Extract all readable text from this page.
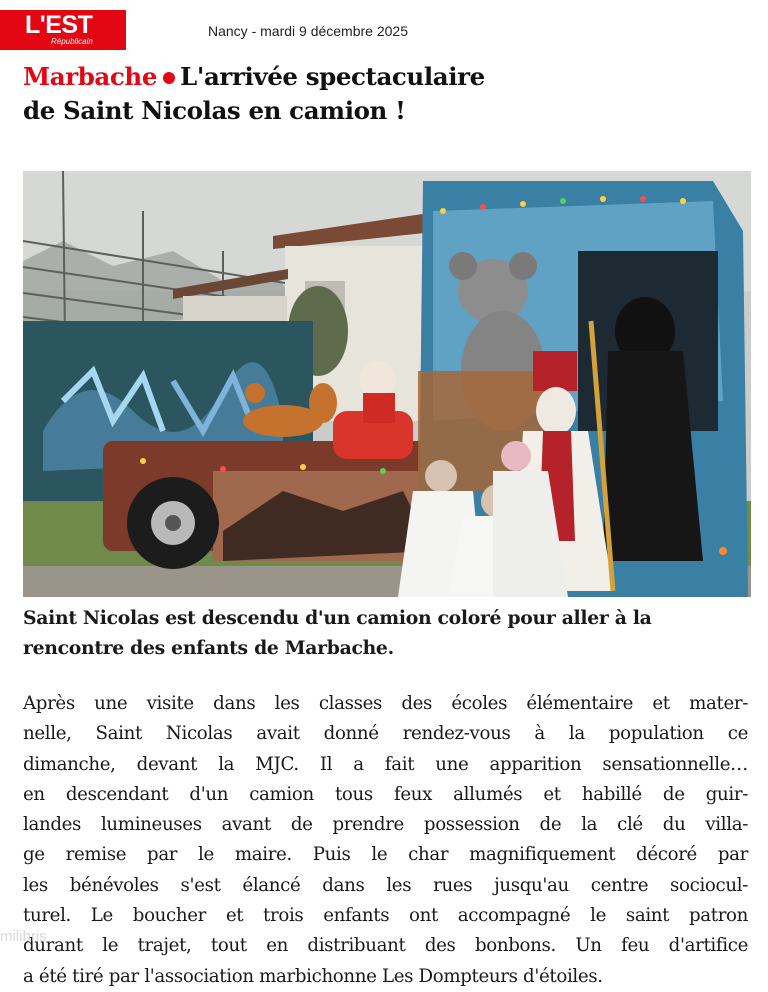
L'EST
Républicain
Nancy - mardi 9 décembre 2025
Marbache L'arrivée spectaculaire
de Saint Nicolas en camion !

Saint Nicolas est descendu d'un camion coloré pour aller à la rencontre des enfants de Marbache.

Après une visite dans les classes des écoles élémentaire et mater-
nelle, Saint Nicolas avait donné rendez-vous à la population ce
dimanche, devant la MJC. Il a fait une apparition sensationnelle…
en descendant d'un camion tous feux allumés et habillé de guir-
landes lumineuses avant de prendre possession de la clé du villa-
ge remise par le maire. Puis le char magnifiquement décoré par
les bénévoles s'est élancé dans les rues jusqu'au centre sociocul-
turel. Le boucher et trois enfants ont accompagné le saint patron
durant le trajet, tout en distribuant des bonbons. Un feu d'artifice
a été tiré par l'association marbichonne Les Dompteurs d'étoiles.
milibris
